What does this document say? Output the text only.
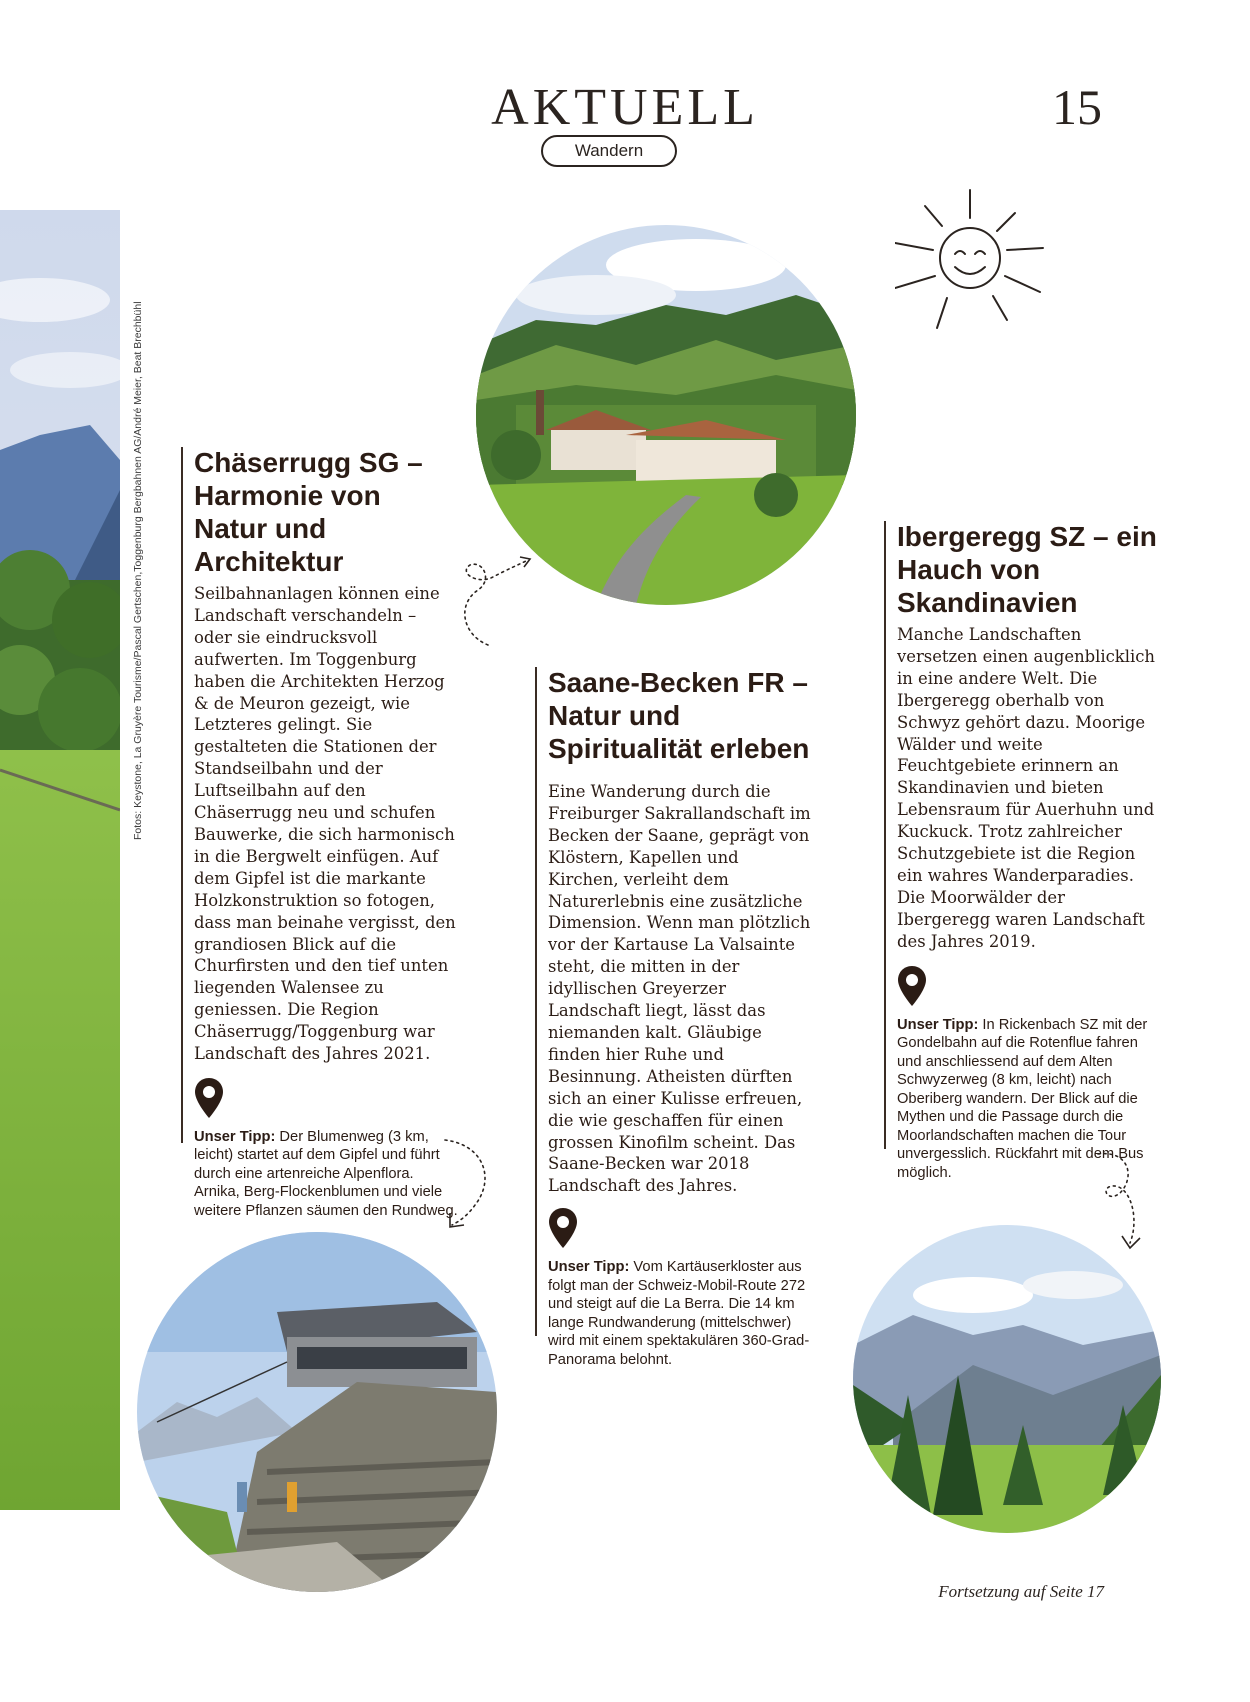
AKTUELL	15
Wandern
Fotos: Keystone, La Gruyère Tourisme/Pascal Gertschen,Toggenburg Bergbahnen AG/André Meier, Beat Brechbühl Chäserrugg SG – Harmonie von Natur und Architektur

Seilbahnanlagen können eine Landschaft verschandeln – oder sie eindrucksvoll aufwerten. Im Toggenburg haben die Architekten Herzog & de Meuron gezeigt, wie Letzteres gelingt. Sie gestalteten die Stationen der Standseilbahn und der Luftseilbahn auf den Chäserrugg neu und schufen Bauwerke, die sich harmonisch in die Bergwelt einfügen. Auf dem Gipfel ist die markante Holzkonstruktion so fotogen, dass man beinahe vergisst, den grandiosen Blick auf die Churfirsten und den tief unten liegenden Walensee zu geniessen. Die Region Chäserrugg/Toggenburg war Landschaft des Jahres 2021.

Unser Tipp: Der Blumenweg (3 km, leicht) startet auf dem Gipfel und führt durch eine artenreiche Alpenflora. Arnika, Berg-Flockenblumen und viele weitere Pflanzen säumen den Rundweg.

Saane-Becken FR – Natur und Spiritualität erleben

Eine Wanderung durch die Freiburger Sakrallandschaft im Becken der Saane, geprägt von Klöstern, Kapellen und Kirchen, verleiht dem Naturerlebnis eine zusätzliche Dimension. Wenn man plötzlich vor der Kartause La Valsainte steht, die mitten in der idyllischen Greyerzer Landschaft liegt, lässt das niemanden kalt. Gläubige finden hier Ruhe und Besinnung. Atheisten dürften sich an einer Kulisse erfreuen, die wie geschaffen für einen grossen Kinofilm scheint. Das Saane-Becken war 2018 Landschaft des Jahres.

Unser Tipp: Vom Kartäuserkloster aus folgt man der Schweiz-Mobil-Route 272 und steigt auf die La Berra. Die 14 km lange Rundwanderung (mittelschwer) wird mit einem spektakulären 360-Grad-Panorama belohnt.

Ibergeregg SZ – ein Hauch von Skandinavien

Manche Landschaften versetzen einen augenblicklich in eine andere Welt. Die Ibergeregg oberhalb von Schwyz gehört dazu. Moorige Wälder und weite Feuchtgebiete erinnern an Skandinavien und bieten Lebensraum für Auerhuhn und Kuckuck. Trotz zahlreicher Schutzgebiete ist die Region ein wahres Wanderparadies. Die Moorwälder der Ibergeregg waren Landschaft des Jahres 2019.

Unser Tipp: In Rickenbach SZ mit der Gondelbahn auf die Rotenflue fahren und anschliessend auf dem Alten Schwyzerweg (8 km, leicht) nach Oberiberg wandern. Der Blick auf die Mythen und die Passage durch die Moorlandschaften machen die Tour unvergesslich. Rückfahrt mit dem Bus möglich.

Fortsetzung auf Seite 17
